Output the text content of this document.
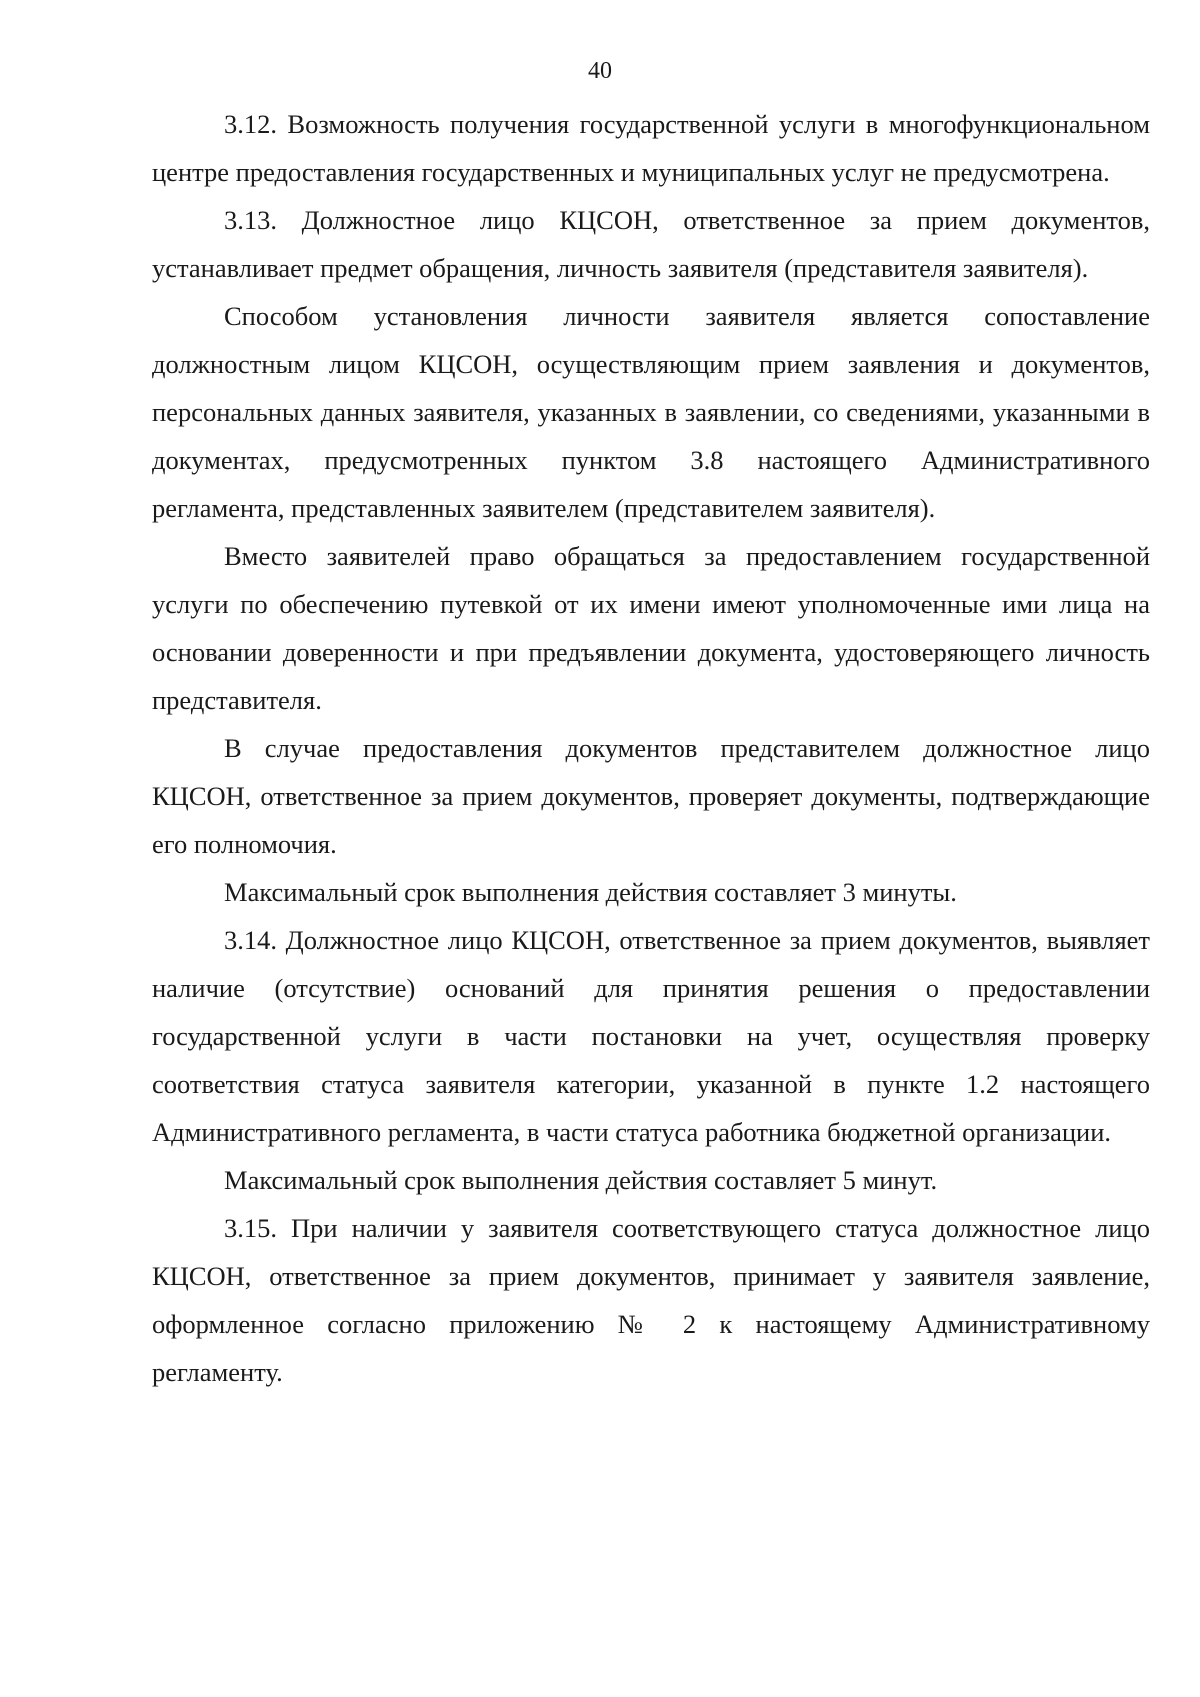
40

3.12. Возможность получения государственной услуги в многофункциональном центре предоставления государственных и муниципальных услуг не предусмотрена.

3.13. Должностное лицо КЦСОН, ответственное за прием документов, устанавливает предмет обращения, личность заявителя (представителя заявителя).

Способом установления личности заявителя является сопоставление должностным лицом КЦСОН, осуществляющим прием заявления и документов, персональных данных заявителя, указанных в заявлении, со сведениями, указанными в документах, предусмотренных пунктом 3.8 настоящего Административного регламента, представленных заявителем (представителем заявителя).

Вместо заявителей право обращаться за предоставлением государственной услуги по обеспечению путевкой от их имени имеют уполномоченные ими лица на основании доверенности и при предъявлении документа, удостоверяющего личность представителя.

В случае предоставления документов представителем должностное лицо КЦСОН, ответственное за прием документов, проверяет документы, подтверждающие его полномочия.

Максимальный срок выполнения действия составляет 3 минуты.

3.14. Должностное лицо КЦСОН, ответственное за прием документов, выявляет наличие (отсутствие) оснований для принятия решения о предоставлении государственной услуги в части постановки на учет, осуществляя проверку соответствия статуса заявителя категории, указанной в пункте 1.2 настоящего Административного регламента, в части статуса работника бюджетной организации.

Максимальный срок выполнения действия составляет 5 минут.

3.15. При наличии у заявителя соответствующего статуса должностное лицо КЦСОН, ответственное за прием документов, принимает у заявителя заявление, оформленное согласно приложению № 2 к настоящему Административному регламенту.
